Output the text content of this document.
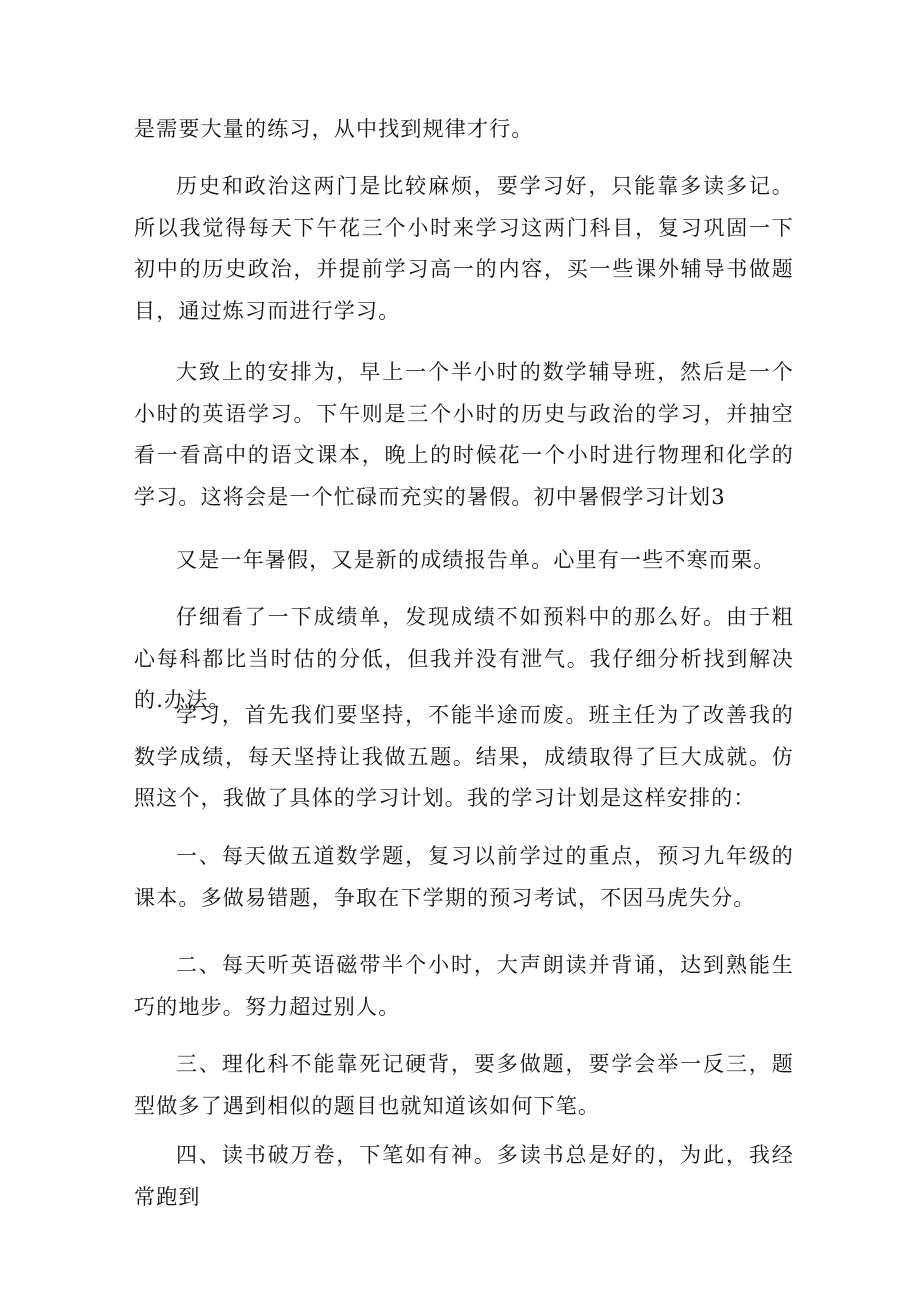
是需要大量的练习，从中找到规律才行。

历史和政治这两门是比较麻烦，要学习好，只能靠多读多记。所以我觉得每天下午花三个小时来学习这两门科目，复习巩固一下初中的历史政治，并提前学习高一的内容，买一些课外辅导书做题目，通过炼习而进行学习。

大致上的安排为，早上一个半小时的数学辅导班，然后是一个小时的英语学习。下午则是三个小时的历史与政治的学习，并抽空看一看高中的语文课本，晚上的时候花一个小时进行物理和化学的学习。这将会是一个忙碌而充实的暑假。初中暑假学习计划3

又是一年暑假，又是新的成绩报告单。心里有一些不寒而栗。

仔细看了一下成绩单，发现成绩不如预料中的那么好。由于粗心每科都比当时估的分低，但我并没有泄气。我仔细分析找到解决的.办法。

学习，首先我们要坚持，不能半途而废。班主任为了改善我的数学成绩，每天坚持让我做五题。结果，成绩取得了巨大成就。仿照这个，我做了具体的学习计划。我的学习计划是这样安排的：

一、每天做五道数学题，复习以前学过的重点，预习九年级的课本。多做易错题，争取在下学期的预习考试，不因马虎失分。

二、每天听英语磁带半个小时，大声朗读并背诵，达到熟能生巧的地步。努力超过别人。

三、理化科不能靠死记硬背，要多做题，要学会举一反三，题型做多了遇到相似的题目也就知道该如何下笔。

四、读书破万卷，下笔如有神。多读书总是好的，为此，我经常跑到
